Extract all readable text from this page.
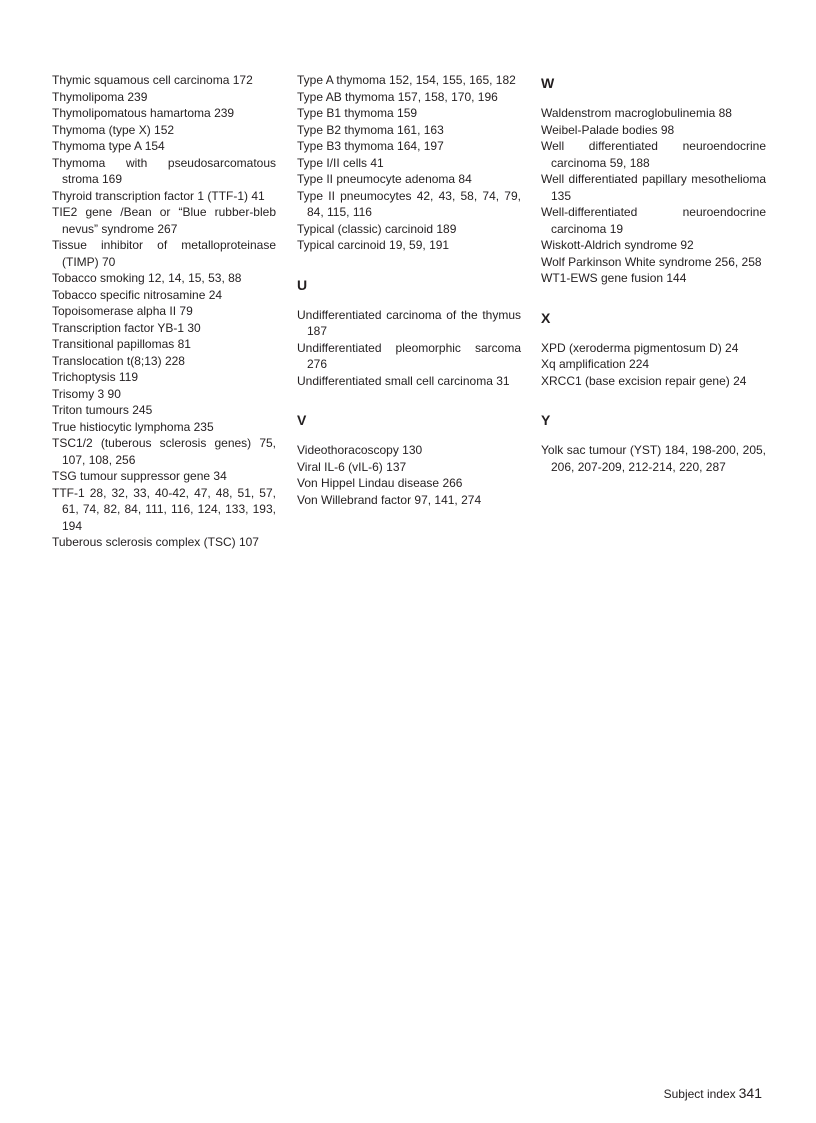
Thymic squamous cell carcinoma 172

Thymolipoma 239

Thymolipomatous hamartoma 239

Thymoma (type X) 152

Thymoma type A 154

Thymoma with pseudosarcomatous stroma 169

Thyroid transcription factor 1 (TTF-1) 41

TIE2 gene /Bean or “Blue rubber-bleb nevus” syndrome 267

Tissue inhibitor of metalloproteinase (TIMP) 70

Tobacco smoking 12, 14, 15, 53, 88

Tobacco specific nitrosamine 24

Topoisomerase alpha II 79

Transcription factor YB-1 30

Transitional papillomas 81

Translocation t(8;13) 228

Trichoptysis 119

Trisomy 3 90

Triton tumours 245

True histiocytic lymphoma 235

TSC1/2 (tuberous sclerosis genes) 75, 107, 108, 256

TSG tumour suppressor gene 34

TTF-1 28, 32, 33, 40-42, 47, 48, 51, 57, 61, 74, 82, 84, 111, 116, 124, 133, 193, 194

Tuberous sclerosis complex (TSC) 107

Type A thymoma 152, 154, 155, 165, 182

Type AB thymoma 157, 158, 170, 196

Type B1 thymoma 159

Type B2 thymoma 161, 163

Type B3 thymoma 164, 197

Type I/II cells 41

Type II pneumocyte adenoma 84

Type II pneumocytes 42, 43, 58, 74, 79, 84, 115, 116

Typical (classic) carcinoid 189

Typical carcinoid 19, 59, 191

U

Undifferentiated carcinoma of the thymus 187

Undifferentiated pleomorphic sarcoma 276

Undifferentiated small cell carcinoma 31

V

Videothoracoscopy 130

Viral IL-6 (vIL-6) 137

Von Hippel Lindau disease 266

Von Willebrand factor 97, 141, 274

W

Waldenstrom macroglobulinemia 88

Weibel-Palade bodies 98

Well differentiated neuroendocrine carcinoma 59, 188

Well differentiated papillary mesothelioma 135

Well-differentiated neuroendocrine carcinoma 19

Wiskott-Aldrich syndrome 92

Wolf Parkinson White syndrome 256, 258

WT1-EWS gene fusion 144

X

XPD (xeroderma pigmentosum D) 24

Xq amplification 224

XRCC1 (base excision repair gene) 24

Y

Yolk sac tumour (YST) 184, 198-200, 205, 206, 207-209, 212-214, 220, 287

Subject index 341
